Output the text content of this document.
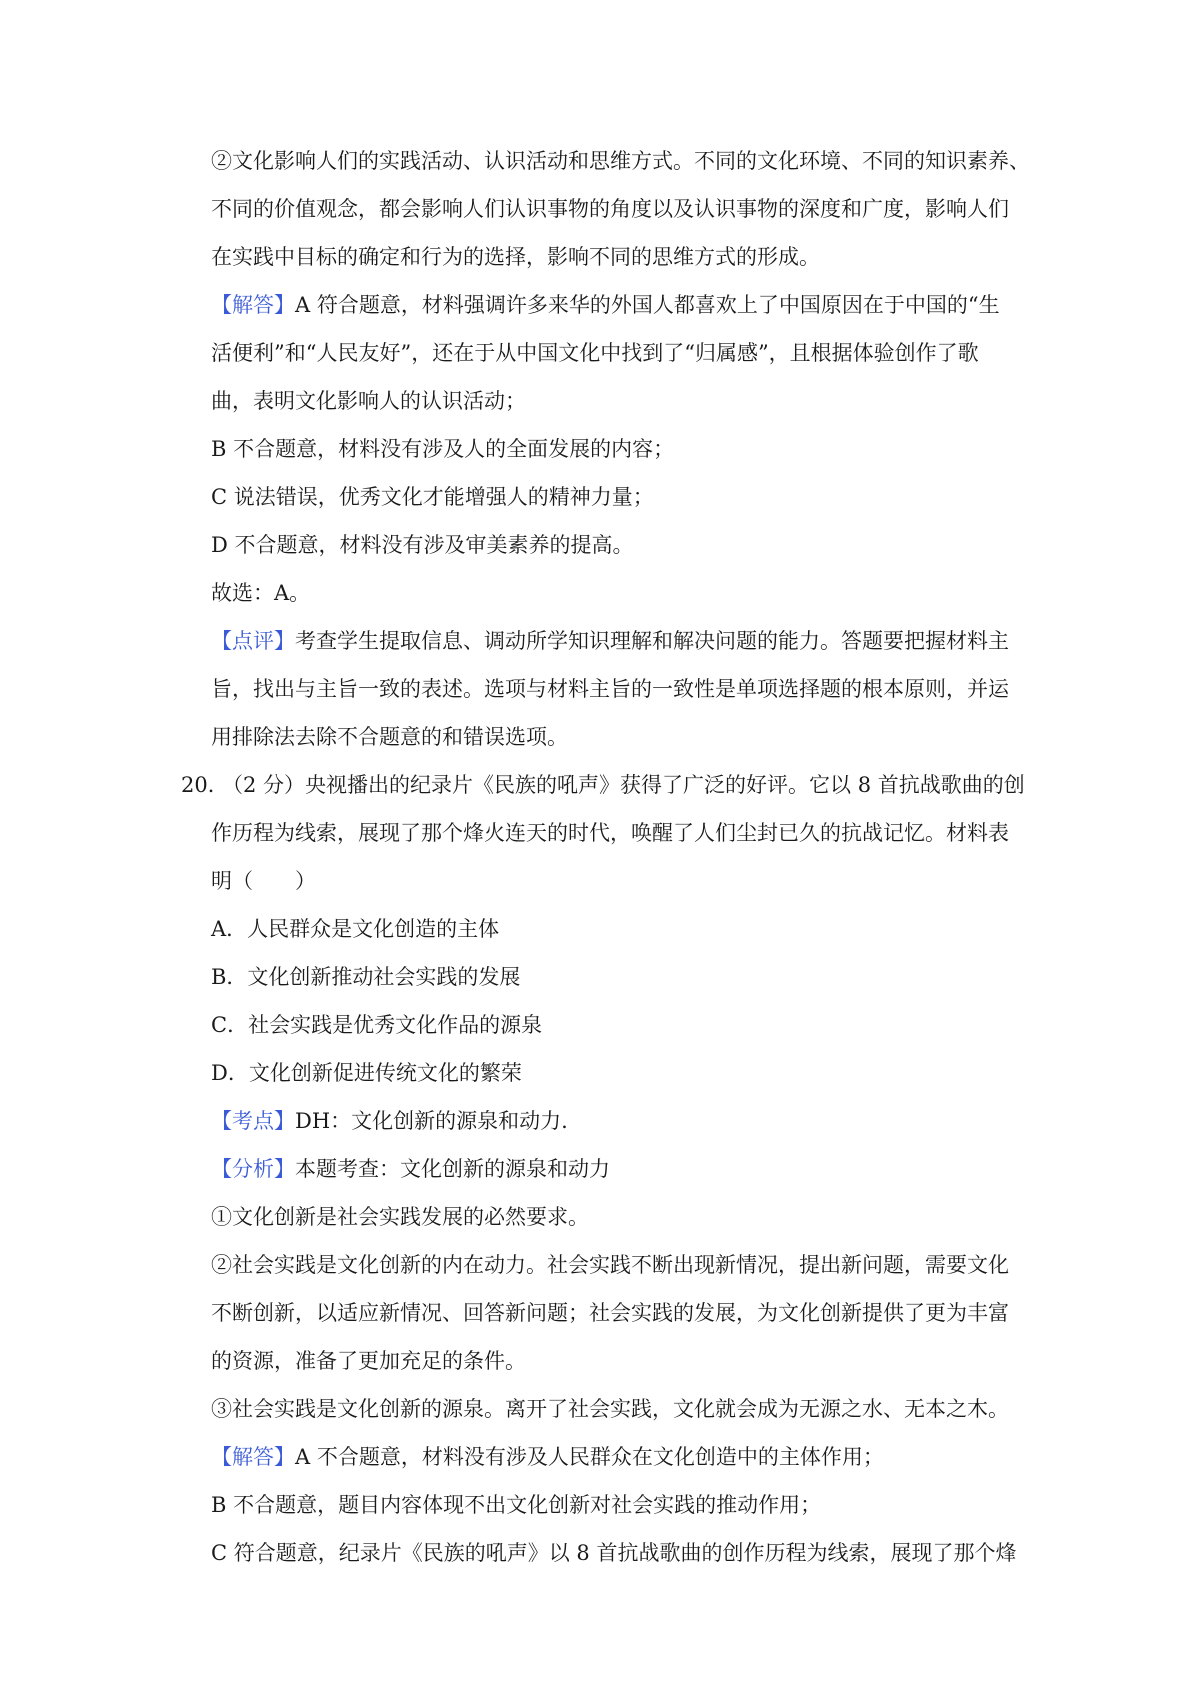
②文化影响人们的实践活动、认识活动和思维方式。不同的文化环境、不同的知识素养、
不同的价值观念，都会影响人们认识事物的角度以及认识事物的深度和广度，影响人们
在实践中目标的确定和行为的选择，影响不同的思维方式的形成。
【解答】A 符合题意，材料强调许多来华的外国人都喜欢上了中国原因在于中国的“生
活便利”和“人民友好”，还在于从中国文化中找到了“归属感”，且根据体验创作了歌
曲，表明文化影响人的认识活动；
B 不合题意，材料没有涉及人的全面发展的内容；
C 说法错误，优秀文化才能增强人的精神力量；
D 不合题意，材料没有涉及审美素养的提高。
故选：A。
【点评】考查学生提取信息、调动所学知识理解和解决问题的能力。答题要把握材料主
旨，找出与主旨一致的表述。选项与材料主旨的一致性是单项选择题的根本原则，并运
用排除法去除不合题意的和错误选项。
20．
（2 分）央视播出的纪录片《民族的吼声》获得了广泛的好评。它以 8 首抗战歌曲的创
作历程为线索，展现了那个烽火连天的时代，唤醒了人们尘封已久的抗战记忆。材料表
明（　　）
A．人民群众是文化创造的主体
B．文化创新推动社会实践的发展
C．社会实践是优秀文化作品的源泉
D．文化创新促进传统文化的繁荣
【考点】DH：文化创新的源泉和动力.
【分析】本题考查：文化创新的源泉和动力
①文化创新是社会实践发展的必然要求。
②社会实践是文化创新的内在动力。社会实践不断出现新情况，提出新问题，需要文化
不断创新，以适应新情况、回答新问题；社会实践的发展，为文化创新提供了更为丰富
的资源，准备了更加充足的条件。
③社会实践是文化创新的源泉。离开了社会实践，文化就会成为无源之水、无本之木。
【解答】A 不合题意，材料没有涉及人民群众在文化创造中的主体作用；
B 不合题意，题目内容体现不出文化创新对社会实践的推动作用；
C 符合题意，纪录片《民族的吼声》以 8 首抗战歌曲的创作历程为线索，展现了那个烽
